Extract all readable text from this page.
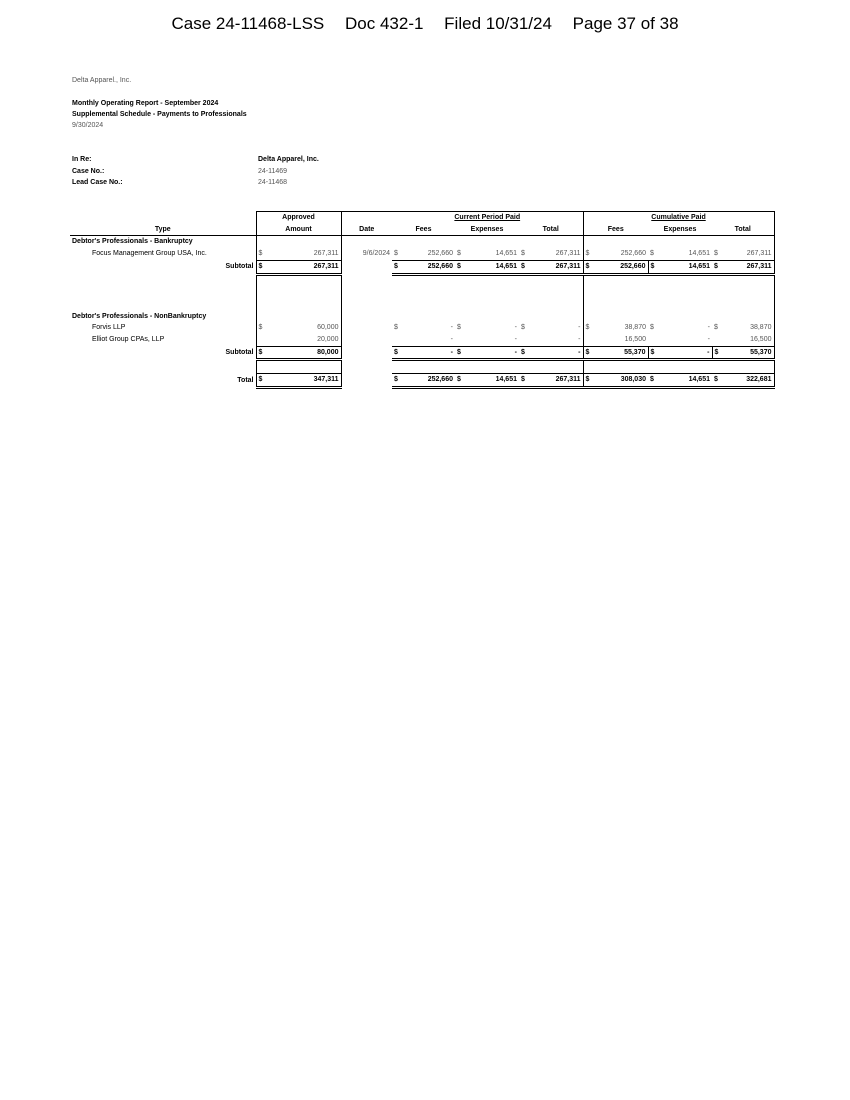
Case 24-11468-LSS Doc 432-1 Filed 10/31/24 Page 37 of 38
Delta Apparel., Inc.
Monthly Operating Report - September 2024
Supplemental Schedule - Payments to Professionals
9/30/2024
In Re:	Delta Apparel, Inc.
Case No.:	24-11469
Lead Case No.:	24-11468
	Approved			Current Period Paid						Cumulative Paid					
Type	Amount		Date	Fees		Expenses		Total		Fees		Expenses		Total	
Debtor's Professionals - Bankruptcy															
Focus Management Group USA, Inc.	$	267,311	9/6/2024	$	252,660	$	14,651	$	267,311	$	252,660	$	14,651	$	267,311
Subtotal	$	267,311		$	252,660	$	14,651	$	267,311	$	252,660	$	14,651	$	267,311

Debtor's Professionals - NonBankruptcy															
Forvis LLP	$	60,000		$	-	$	-	$	-	$	38,870	$	-	$	38,870
Elliot Group CPAs, LLP		20,000			-		-		-		16,500		-		16,500
Subtotal	$	80,000		$	-	$	-	$	-	$	55,370	$	-	$	55,370

Total	$	347,311		$	252,660	$	14,651	$	267,311	$	308,030	$	14,651	$	322,681
